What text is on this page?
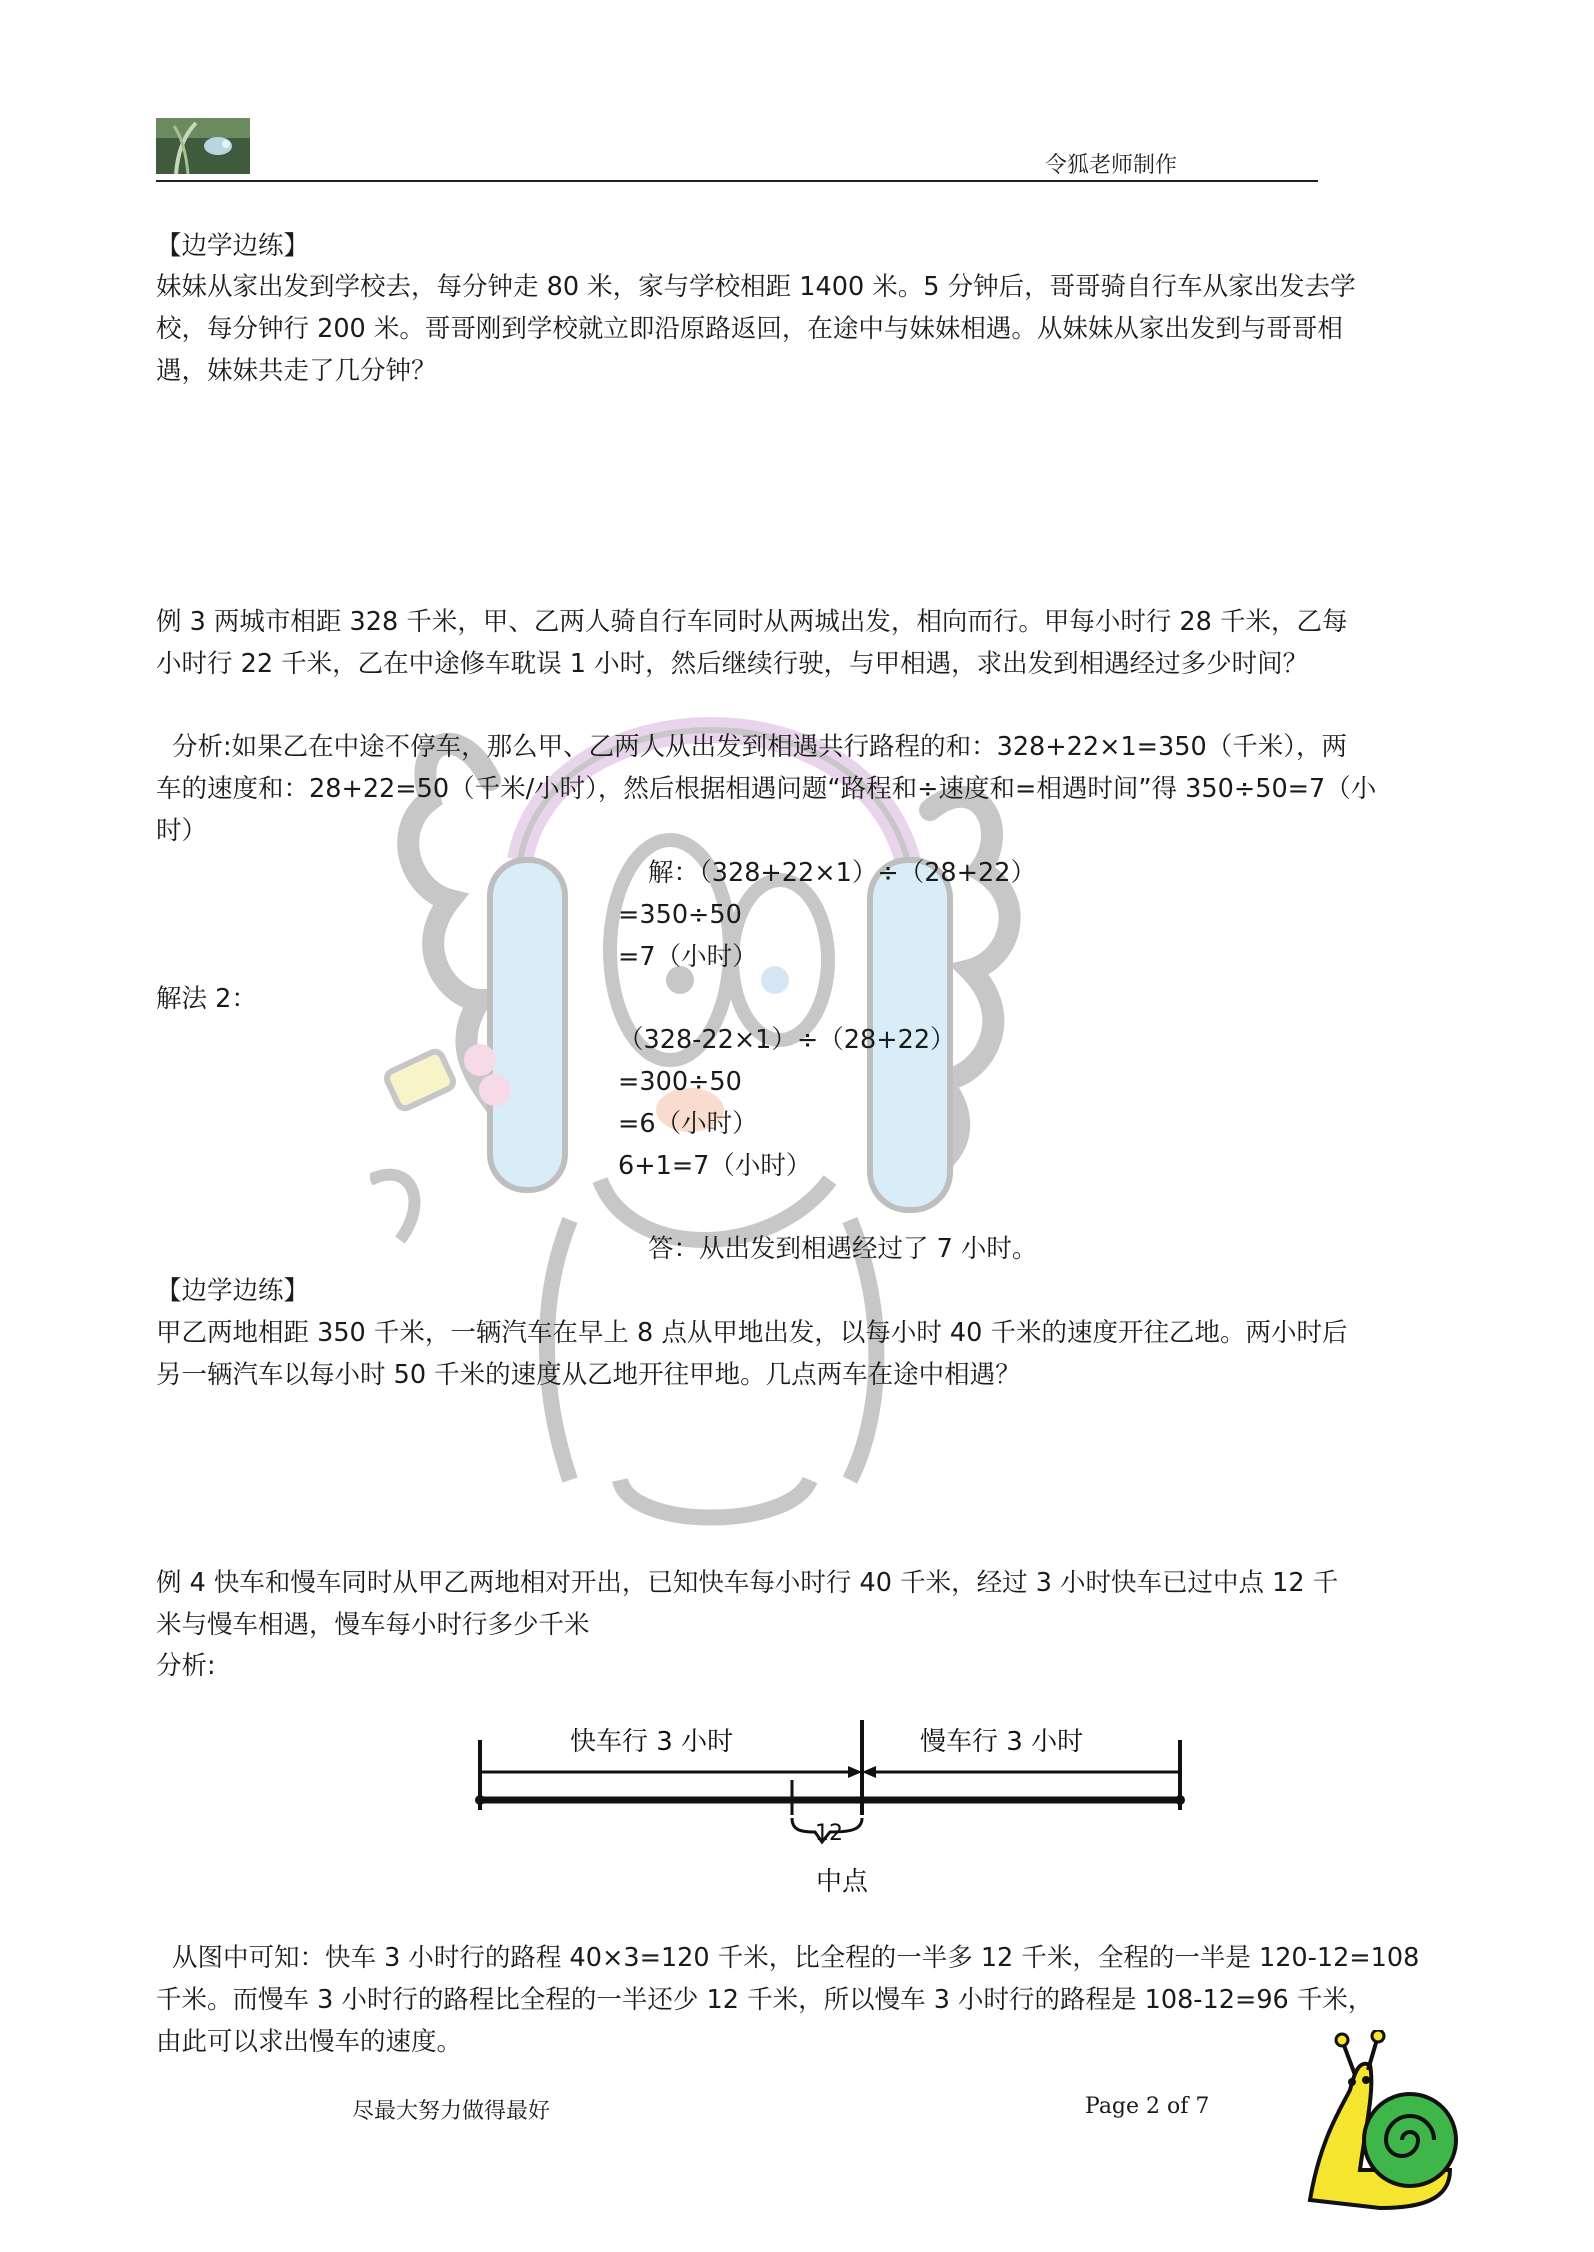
令狐老师制作
【边学边练】
妹妹从家出发到学校去，每分钟走 80 米，家与学校相距 1400 米。5 分钟后，哥哥骑自行车从家出发去学
校，每分钟行 200 米。哥哥刚到学校就立即沿原路返回，在途中与妹妹相遇。从妹妹从家出发到与哥哥相
遇，妹妹共走了几分钟？
例 3 两城市相距 328 千米，甲、乙两人骑自行车同时从两城出发，相向而行。甲每小时行 28 千米，乙每
小时行 22 千米，乙在中途修车耽误 1 小时，然后继续行驶，与甲相遇，求出发到相遇经过多少时间？
分析:如果乙在中途不停车，那么甲、乙两人从出发到相遇共行路程的和：328+22×1=350（千米），两
车的速度和：28+22=50（千米/小时），然后根据相遇问题“路程和÷速度和=相遇时间”得 350÷50=7（小
时）
解：（328+22×1）÷（28+22）
=350÷50
=7（小时）
解法 2：
（328-22×1）÷（28+22）
=300÷50
=6（小时）
6+1=7（小时）
答：从出发到相遇经过了 7 小时。
【边学边练】
甲乙两地相距 350 千米，一辆汽车在早上 8 点从甲地出发，以每小时 40 千米的速度开往乙地。两小时后
另一辆汽车以每小时 50 千米的速度从乙地开往甲地。几点两车在途中相遇？
例 4 快车和慢车同时从甲乙两地相对开出，已知快车每小时行 40 千米，经过 3 小时快车已过中点 12 千
米与慢车相遇，慢车每小时行多少千米
分析:
快车行 3 小时	慢车行 3 小时
12
中点
从图中可知：快车 3 小时行的路程 40×3=120 千米，比全程的一半多 12 千米，全程的一半是 120-12=108
千米。而慢车 3 小时行的路程比全程的一半还少 12 千米，所以慢车 3 小时行的路程是 108-12=96 千米，
由此可以求出慢车的速度。
尽最大努力做得最好	Page 2 of 7
